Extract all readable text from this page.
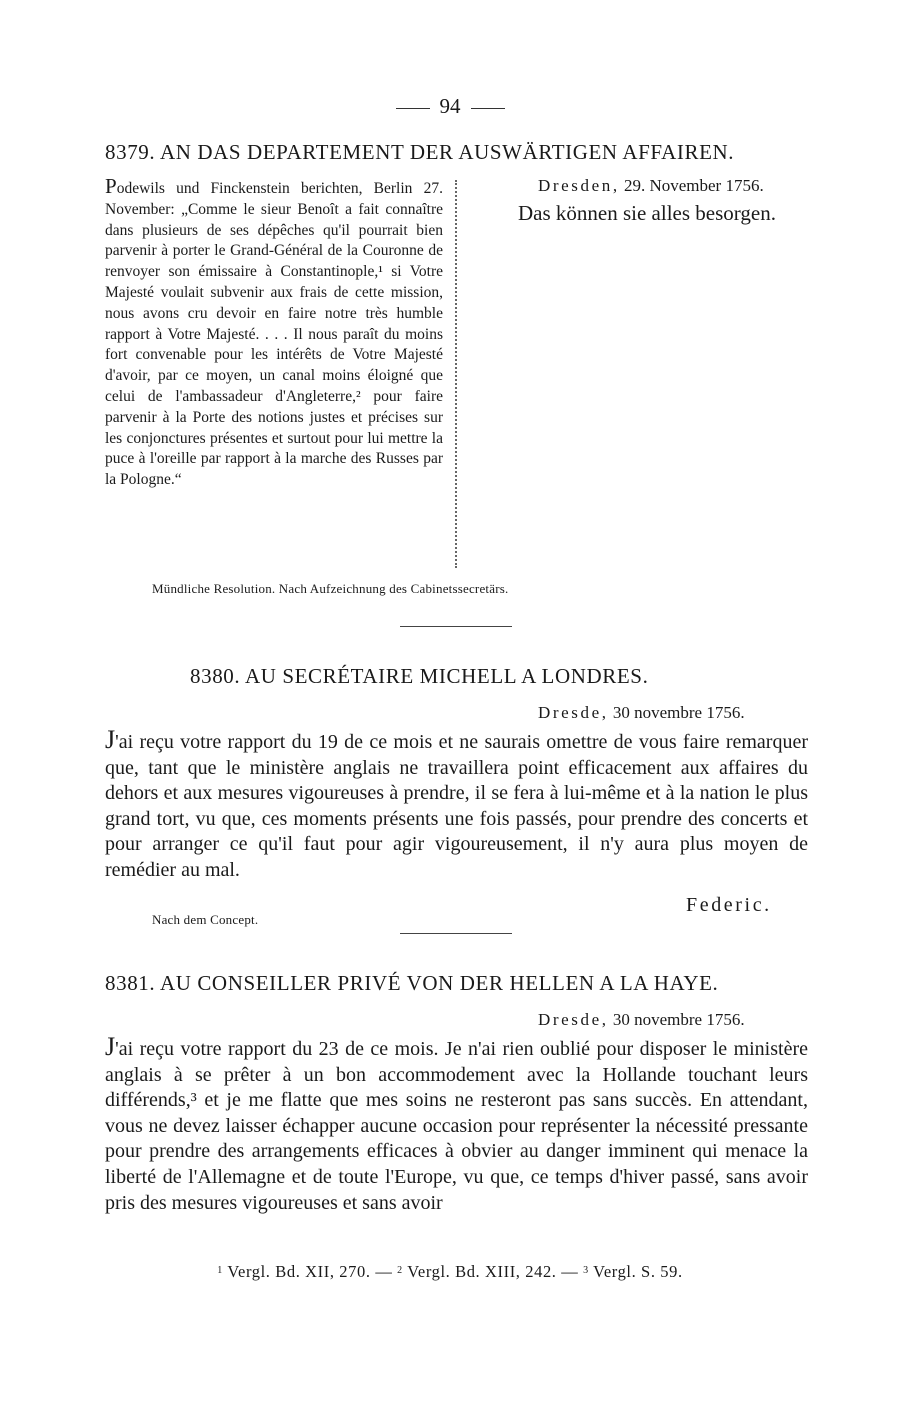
94
8379. AN DAS DEPARTEMENT DER AUSWÄRTIGEN AFFAIREN.
Podewils und Finckenstein berichten, Berlin 27. November: „Comme le sieur Benoît a fait connaître dans plusieurs de ses dépêches qu'il pourrait bien parvenir à porter le Grand-Général de la Couronne de renvoyer son émissaire à Constantinople,¹ si Votre Majesté voulait subvenir aux frais de cette mission, nous avons cru devoir en faire notre très humble rapport à Votre Majesté. . . . Il nous paraît du moins fort convenable pour les intérêts de Votre Majesté d'avoir, par ce moyen, un canal moins éloigné que celui de l'ambassadeur d'Angleterre,² pour faire parvenir à la Porte des notions justes et précises sur les conjonctures présentes et surtout pour lui mettre la puce à l'oreille par rapport à la marche des Russes par la Pologne.“
Dresden, 29. November 1756.
Das können sie alles besorgen.
Mündliche Resolution. Nach Aufzeichnung des Cabinetssecretärs.
8380. AU SECRÉTAIRE MICHELL A LONDRES.
Dresde, 30 novembre 1756.
J'ai reçu votre rapport du 19 de ce mois et ne saurais omettre de vous faire remarquer que, tant que le ministère anglais ne travaillera point efficacement aux affaires du dehors et aux mesures vigoureuses à prendre, il se fera à lui-même et à la nation le plus grand tort, vu que, ces moments présents une fois passés, pour prendre des concerts et pour arranger ce qu'il faut pour agir vigoureusement, il n'y aura plus moyen de remédier au mal.
Federic.
Nach dem Concept.
8381. AU CONSEILLER PRIVÉ VON DER HELLEN A LA HAYE.
Dresde, 30 novembre 1756.
J'ai reçu votre rapport du 23 de ce mois. Je n'ai rien oublié pour disposer le ministère anglais à se prêter à un bon accommodement avec la Hollande touchant leurs différends,³ et je me flatte que mes soins ne resteront pas sans succès. En attendant, vous ne devez laisser échapper aucune occasion pour représenter la nécessité pressante pour prendre des arrangements efficaces à obvier au danger imminent qui menace la liberté de l'Allemagne et de toute l'Europe, vu que, ce temps d'hiver passé, sans avoir pris des mesures vigoureuses et sans avoir
$^1$ Vergl. Bd. XII, 270. — $^2$ Vergl. Bd. XIII, 242. — $^3$ Vergl. S. 59.
